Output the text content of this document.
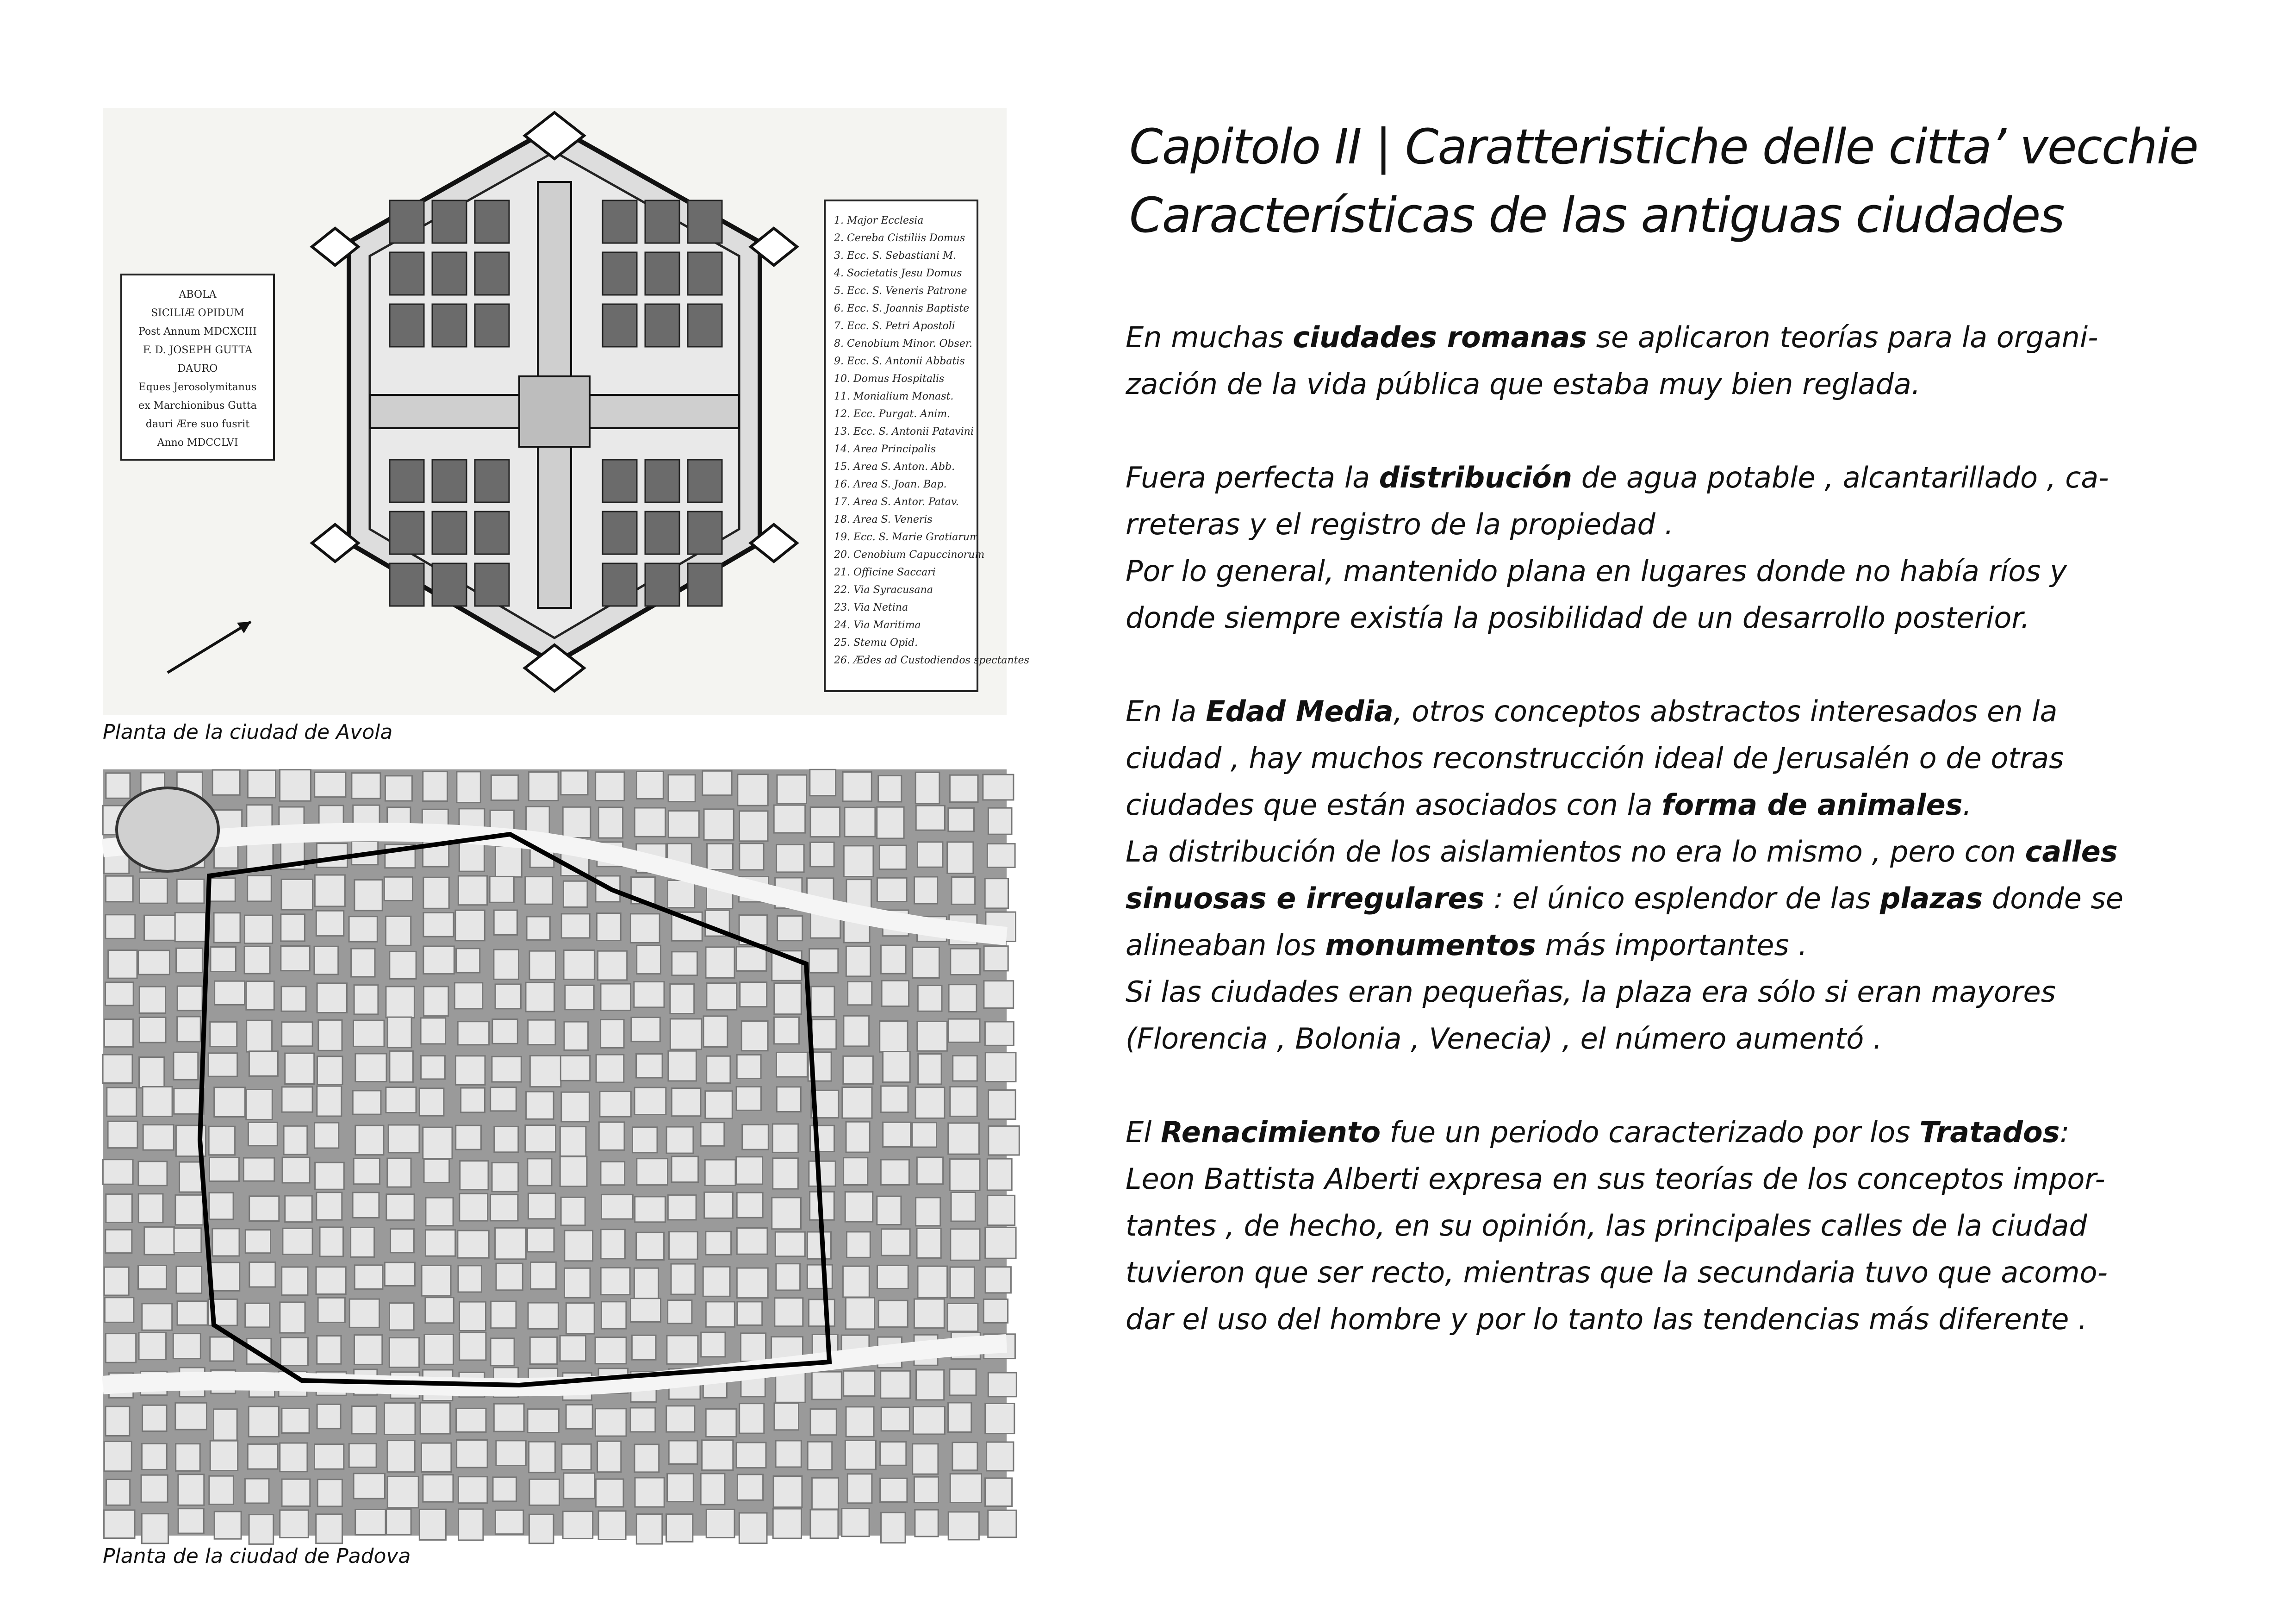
1. Major Ecclesia
2. Cereba Cistiliis Domus
3. Ecc. S. Sebastiani M.
4. Societatis Jesu Domus
5. Ecc. S. Veneris Patrone
6. Ecc. S. Joannis Baptiste
7. Ecc. S. Petri Apostoli
8. Cenobium Minor. Obser.
9. Ecc. S. Antonii Abbatis
10. Domus Hospitalis
11. Monialium Monast.
12. Ecc. Purgat. Anim.
13. Ecc. S. Antonii Patavini
14. Area Principalis
15. Area S. Anton. Abb.
16. Area S. Joan. Bap.
17. Area S. Antor. Patav.
18. Area S. Veneris
19. Ecc. S. Marie Gratiarum
20. Cenobium Capuccinorum
21. Officine Saccari
22. Via Syracusana
23. Via Netina
24. Via Maritima
25. Stemu Opid.
26. Ædes ad Custodiendos spectantes
ABOLA
SICILIÆ OPIDUM
Post Annum MDCXCIII
F. D. JOSEPH GUTTA
DAURO
Eques Jerosolymitanus
ex Marchionibus Gutta
dauri Ære suo fusrit
Anno MDCCLVI
Planta de la ciudad de Avola
Planta de la ciudad de Padova
Capitolo II | Caratteristiche delle citta’ vecchie
Características de las antiguas ciudades

En muchas ciudades romanas se aplicaron teorías para la organi-
zación de la vida pública que estaba muy bien reglada.

Fuera perfecta la distribución de agua potable , alcantarillado , ca-
rreteras y el registro de la propiedad .
Por lo general, mantenido plana en lugares donde no había ríos y
donde siempre existía la posibilidad de un desarrollo posterior.

En la Edad Media, otros conceptos abstractos interesados en la
ciudad , hay muchos reconstrucción ideal de Jerusalén o de otras
ciudades que están asociados con la forma de animales.
La distribución de los aislamientos no era lo mismo , pero con calles
sinuosas e irregulares : el único esplendor de las plazas donde se
alineaban los monumentos más importantes .
Si las ciudades eran pequeñas, la plaza era sólo si eran mayores
(Florencia , Bolonia , Venecia) , el número aumentó .

El Renacimiento fue un periodo caracterizado por los Tratados:
Leon Battista Alberti expresa en sus teorías de los conceptos impor-
tantes , de hecho, en su opinión, las principales calles de la ciudad
tuvieron que ser recto, mientras que la secundaria tuvo que acomo-
dar el uso del hombre y por lo tanto las tendencias más diferente .
